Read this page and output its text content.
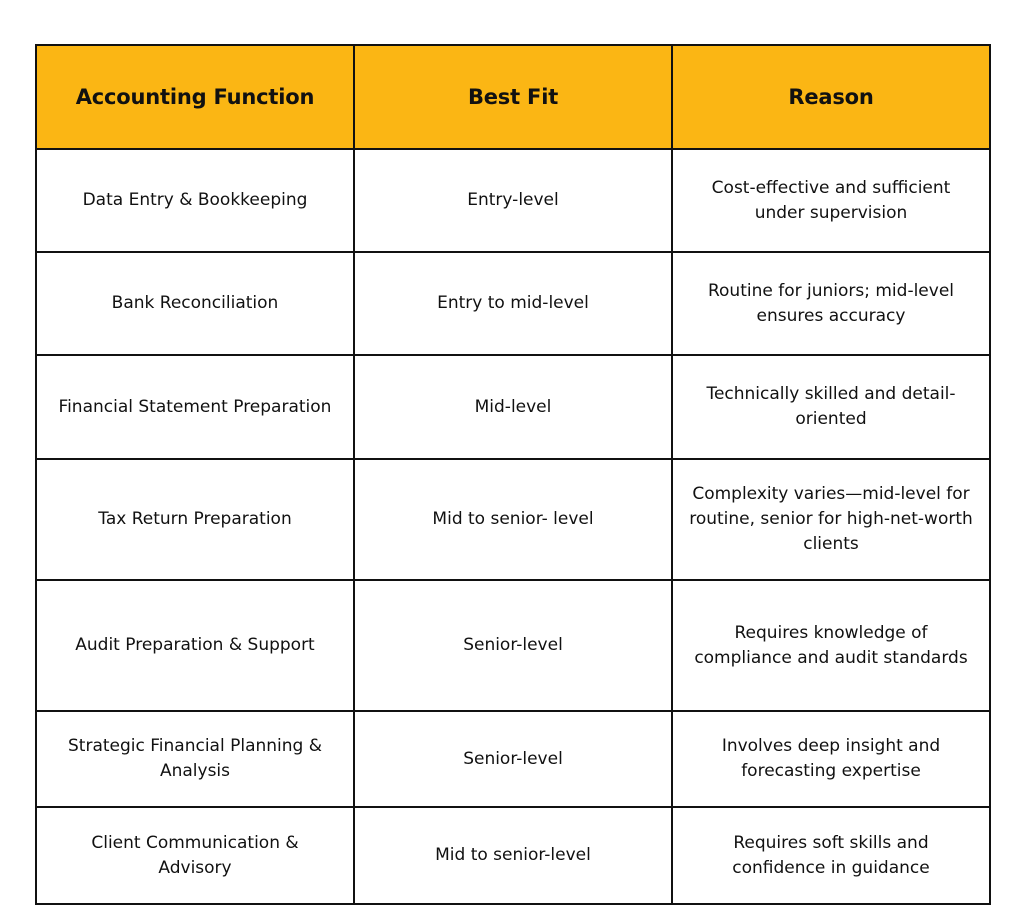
Accounting Function	Best Fit	Reason
Data Entry & Bookkeeping	Entry-level	Cost-effective and sufficient under supervision
Bank Reconciliation	Entry to mid-level	Routine for juniors; mid-level ensures accuracy
Financial Statement Preparation	Mid-level	Technically skilled and detail-oriented
Tax Return Preparation	Mid to senior- level	Complexity varies—mid-level for routine, senior for high-net-worth clients
Audit Preparation & Support	Senior-level	Requires knowledge of compliance and audit standards
Strategic Financial Planning & Analysis	Senior-level	Involves deep insight and forecasting expertise
Client Communication & Advisory	Mid to senior-level	Requires soft skills and confidence in guidance
